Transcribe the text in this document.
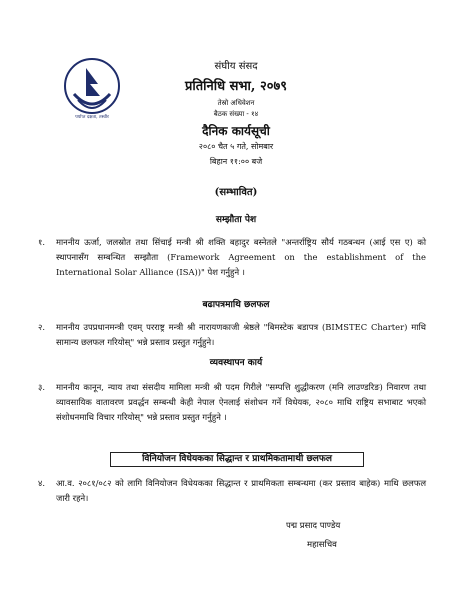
पर्याप्त दक्षता, तस्वीर
संघीय संसद
प्रतिनिधि सभा, २०७९
तेस्रो अधिवेशन
बैठक संख्या - १४
दैनिक कार्यसूची
२०८० चैत ५ गते, सोमबार
बिहान ११:०० बजे
(सम्भावित)
सम्झौता पेश
१. माननीय ऊर्जा, जलस्रोत तथा सिंचाई मन्त्री श्री शक्ति बहादुर बस्नेतले "अन्तर्राष्ट्रिय सौर्य गठबन्धन (आई एस ए) को स्थापनासँग सम्बन्धित सम्झौता (Framework Agreement on the establishment of the International Solar Alliance (ISA))" पेश गर्नुहुने ।
बढापत्रमाथि छलफल
२. माननीय उपप्रधानमन्त्री एवम् परराष्ट्र मन्त्री श्री नारायणकाजी श्रेष्ठले "बिमस्टेक बडापत्र (BIMSTEC Charter) माथि सामान्य छलफल गरियोस्" भन्ने प्रस्ताव प्रस्तुत गर्नुहुने।
व्यवस्थापन कार्य
३. माननीय कानून, न्याय तथा संसदीय मामिला मन्त्री श्री पदम गिरीले "सम्पत्ति शुद्धीकरण (मनि लाउण्डरिङ) निवारण तथा व्यावसायिक वातावरण प्रवर्द्धन सम्बन्धी केही नेपाल ऐनलाई संशोधन गर्ने विधेयक, २०८० माथि राष्ट्रिय सभाबाट भएको संशोधनमाथि विचार गरियोस्" भन्ने प्रस्ताव प्रस्तुत गर्नुहुने ।
विनियोजन विधेयकका सिद्धान्त र प्राथमिकतामाथी छलफल
४. आ.व. २०८१/०८२ को लागि विनियोजन विधेयकका सिद्धान्त र प्राथमिकता सम्बन्धमा (कर प्रस्ताव बाहेक) माथि छलफल जारी रहने।
पद्म प्रसाद पाण्डेय
महासचिव
